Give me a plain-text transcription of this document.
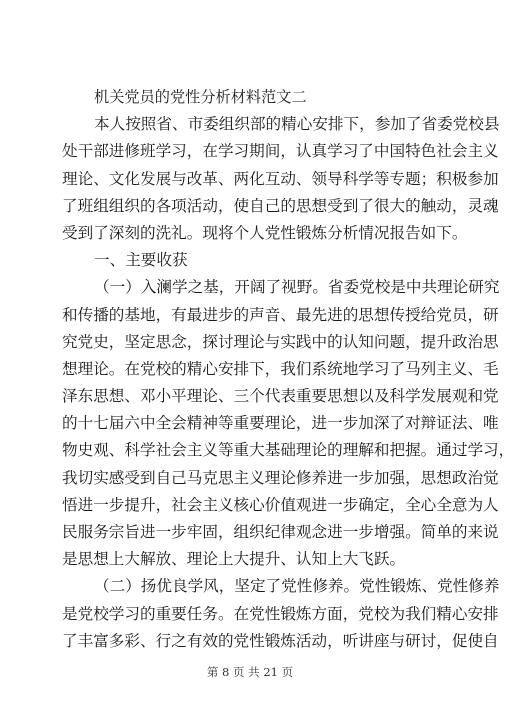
机关党员的党性分析材料范文二
本人按照省、市委组织部的精心安排下，参加了省委党校县
处干部进修班学习，在学习期间，认真学习了中国特色社会主义
理论、文化发展与改革、两化互动、领导科学等专题；积极参加
了班组组织的各项活动，使自己的思想受到了很大的触动，灵魂
受到了深刻的洗礼。现将个人党性锻炼分析情况报告如下。
一、主要收获
（一）入澜学之基，开阔了视野。省委党校是中共理论研究
和传播的基地，有最进步的声音、最先进的思想传授给党员，研
究党史，坚定思念，探讨理论与实践中的认知问题，提升政治思
想理论。在党校的精心安排下，我们系统地学习了马列主义、毛
泽东思想、邓小平理论、三个代表重要思想以及科学发展观和党
的十七届六中全会精神等重要理论，进一步加深了对辩证法、唯
物史观、科学社会主义等重大基础理论的理解和把握。通过学习，
我切实感受到自己马克思主义理论修养进一步加强，思想政治觉
悟进一步提升，社会主义核心价值观进一步确定，全心全意为人
民服务宗旨进一步牢固，组织纪律观念进一步增强。简单的来说
是思想上大解放、理论上大提升、认知上大飞跃。
（二）扬优良学风，坚定了党性修养。党性锻炼、党性修养
是党校学习的重要任务。在党性锻炼方面，党校为我们精心安排
了丰富多彩、行之有效的党性锻炼活动，听讲座与研讨，促使自
第 8 页 共 21 页
